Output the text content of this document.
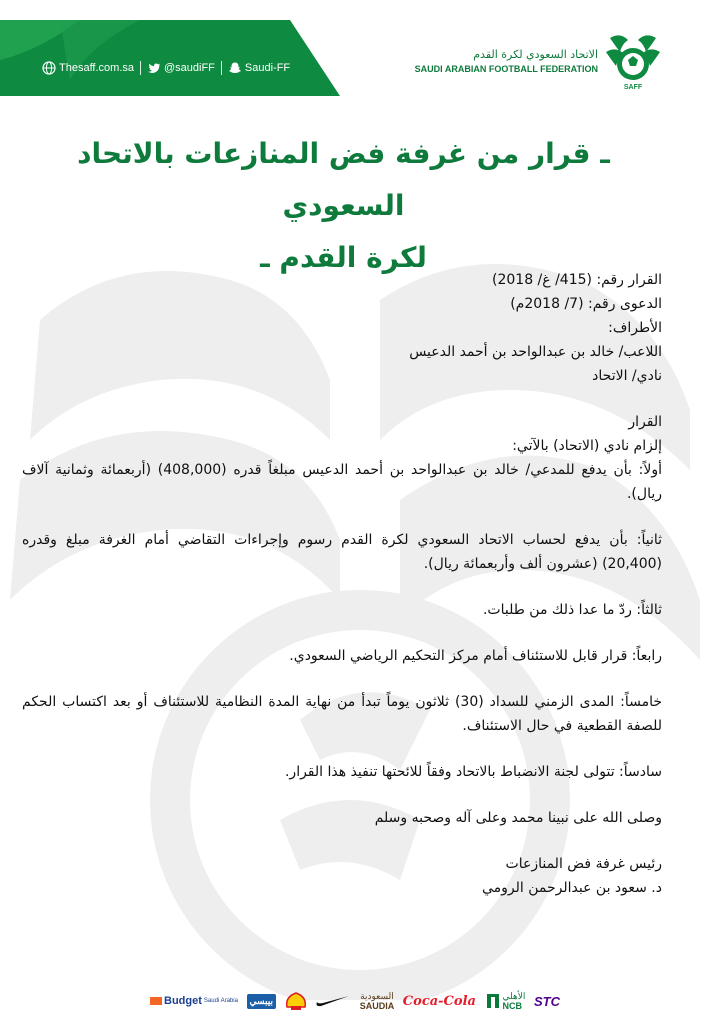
Thesaff.com.sa	@saudiFF	Saudi-FF
الاتحاد السعودي لكرة القدم
SAUDI ARABIAN FOOTBALL FEDERATION
SAFF
ـ قرار من غرفة فض المنازعات بالاتحاد السعودي
لكرة القدم ـ

القرار رقم: (415/ غ/ 2018)

الدعوى رقم: (7/ 2018م)

الأطراف:

اللاعب/ خالد بن عبدالواحد بن أحمد الدعيس

نادي/ الاتحاد

القرار

إلزام نادي (الاتحاد) بالآتي:

أولاً: بأن يدفع للمدعي/ خالد بن عبدالواحد بن أحمد الدعيس مبلغاً قدره (408,000) (أربعمائة وثمانية آلاف ريال).

ثانياً: بأن يدفع لحساب الاتحاد السعودي لكرة القدم رسوم وإجراءات التقاضي أمام الغرفة مبلغ وقدره (20,400) (عشرون ألف وأربعمائة ريال).

ثالثاً: ردّ ما عدا ذلك من طلبات.

رابعاً: قرار قابل للاستئناف أمام مركز التحكيم الرياضي السعودي.

خامساً: المدى الزمني للسداد (30) ثلاثون يوماً تبدأ من نهاية المدة النظامية للاستئناف أو بعد اكتساب الحكم للصفة القطعية في حال الاستئناف.

سادساً: تتولى لجنة الانضباط بالاتحاد وفقاً للائحتها تنفيذ هذا القرار.

وصلى الله على نبينا محمد وعلى آله وصحبه وسلم

رئيس غرفة فض المنازعات

د. سعود بن عبدالرحمن الرومي

Budget Saudi Arabia	بيبسي	السعودية
SAUDIA Coca-Cola	الأهلي
NCB STC
